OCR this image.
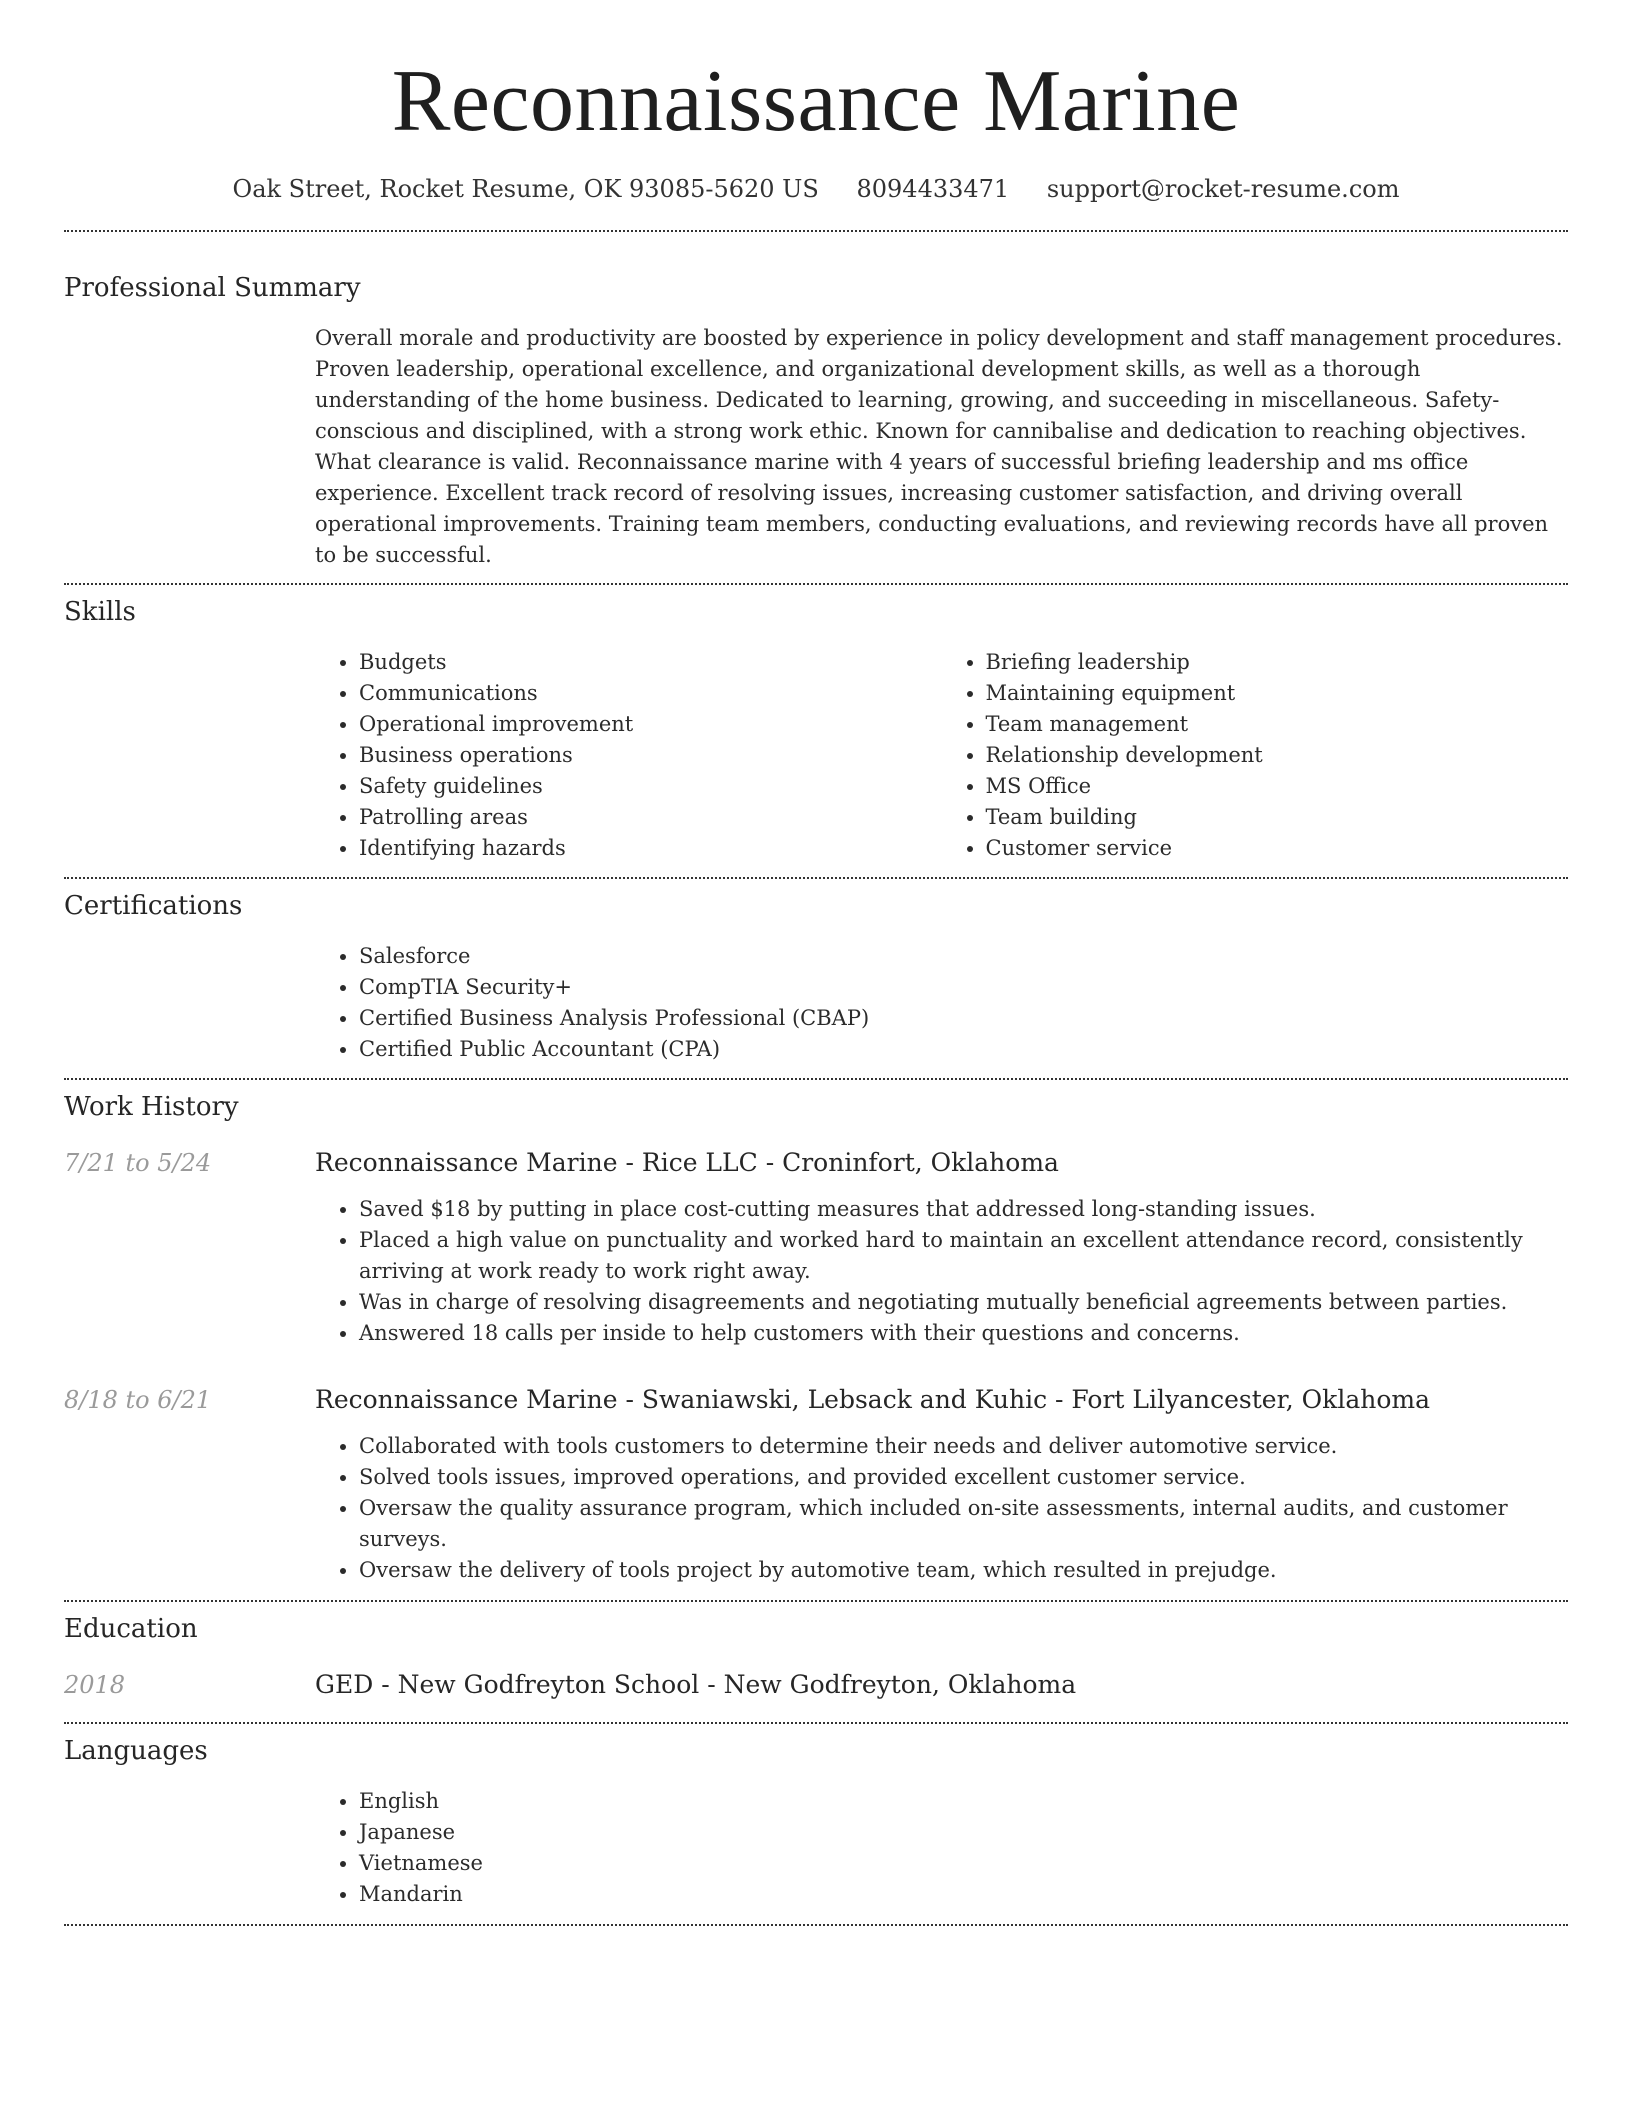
Reconnaissance Marine
Oak Street, Rocket Resume, OK 93085-5620 US 8094433471 support@rocket-resume.com
Professional Summary

Overall morale and productivity are boosted by experience in policy development and staff management procedures. Proven leadership, operational excellence, and organizational development skills, as well as a thorough understanding of the home business. Dedicated to learning, growing, and succeeding in miscellaneous. Safety-conscious and disciplined, with a strong work ethic. Known for cannibalise and dedication to reaching objectives. What clearance is valid. Reconnaissance marine with 4 years of successful briefing leadership and ms office experience. Excellent track record of resolving issues, increasing customer satisfaction, and driving overall operational improvements. Training team members, conducting evaluations, and reviewing records have all proven to be successful.

Skills
• Budgets
• Communications
• Operational improvement
• Business operations
• Safety guidelines
• Patrolling areas
• Identifying hazards
• Briefing leadership
• Maintaining equipment
• Team management
• Relationship development
• MS Office
• Team building
• Customer service
Certifications
• Salesforce
• CompTIA Security+
• Certified Business Analysis Professional (CBAP)
• Certified Public Accountant (CPA)
Work History
7/21 to 5/24	Reconnaissance Marine - Rice LLC - Croninfort, Oklahoma
• Saved $18 by putting in place cost-cutting measures that addressed long-standing issues.
• Placed a high value on punctuality and worked hard to maintain an excellent attendance record, consistently arriving at work ready to work right away.
• Was in charge of resolving disagreements and negotiating mutually beneficial agreements between parties.
• Answered 18 calls per inside to help customers with their questions and concerns.
8/18 to 6/21	Reconnaissance Marine - Swaniawski, Lebsack and Kuhic - Fort Lilyancester, Oklahoma
• Collaborated with tools customers to determine their needs and deliver automotive service.
• Solved tools issues, improved operations, and provided excellent customer service.
• Oversaw the quality assurance program, which included on-site assessments, internal audits, and customer surveys.
• Oversaw the delivery of tools project by automotive team, which resulted in prejudge.
Education
2018	GED - New Godfreyton School - New Godfreyton, Oklahoma
Languages
• English
• Japanese
• Vietnamese
• Mandarin
